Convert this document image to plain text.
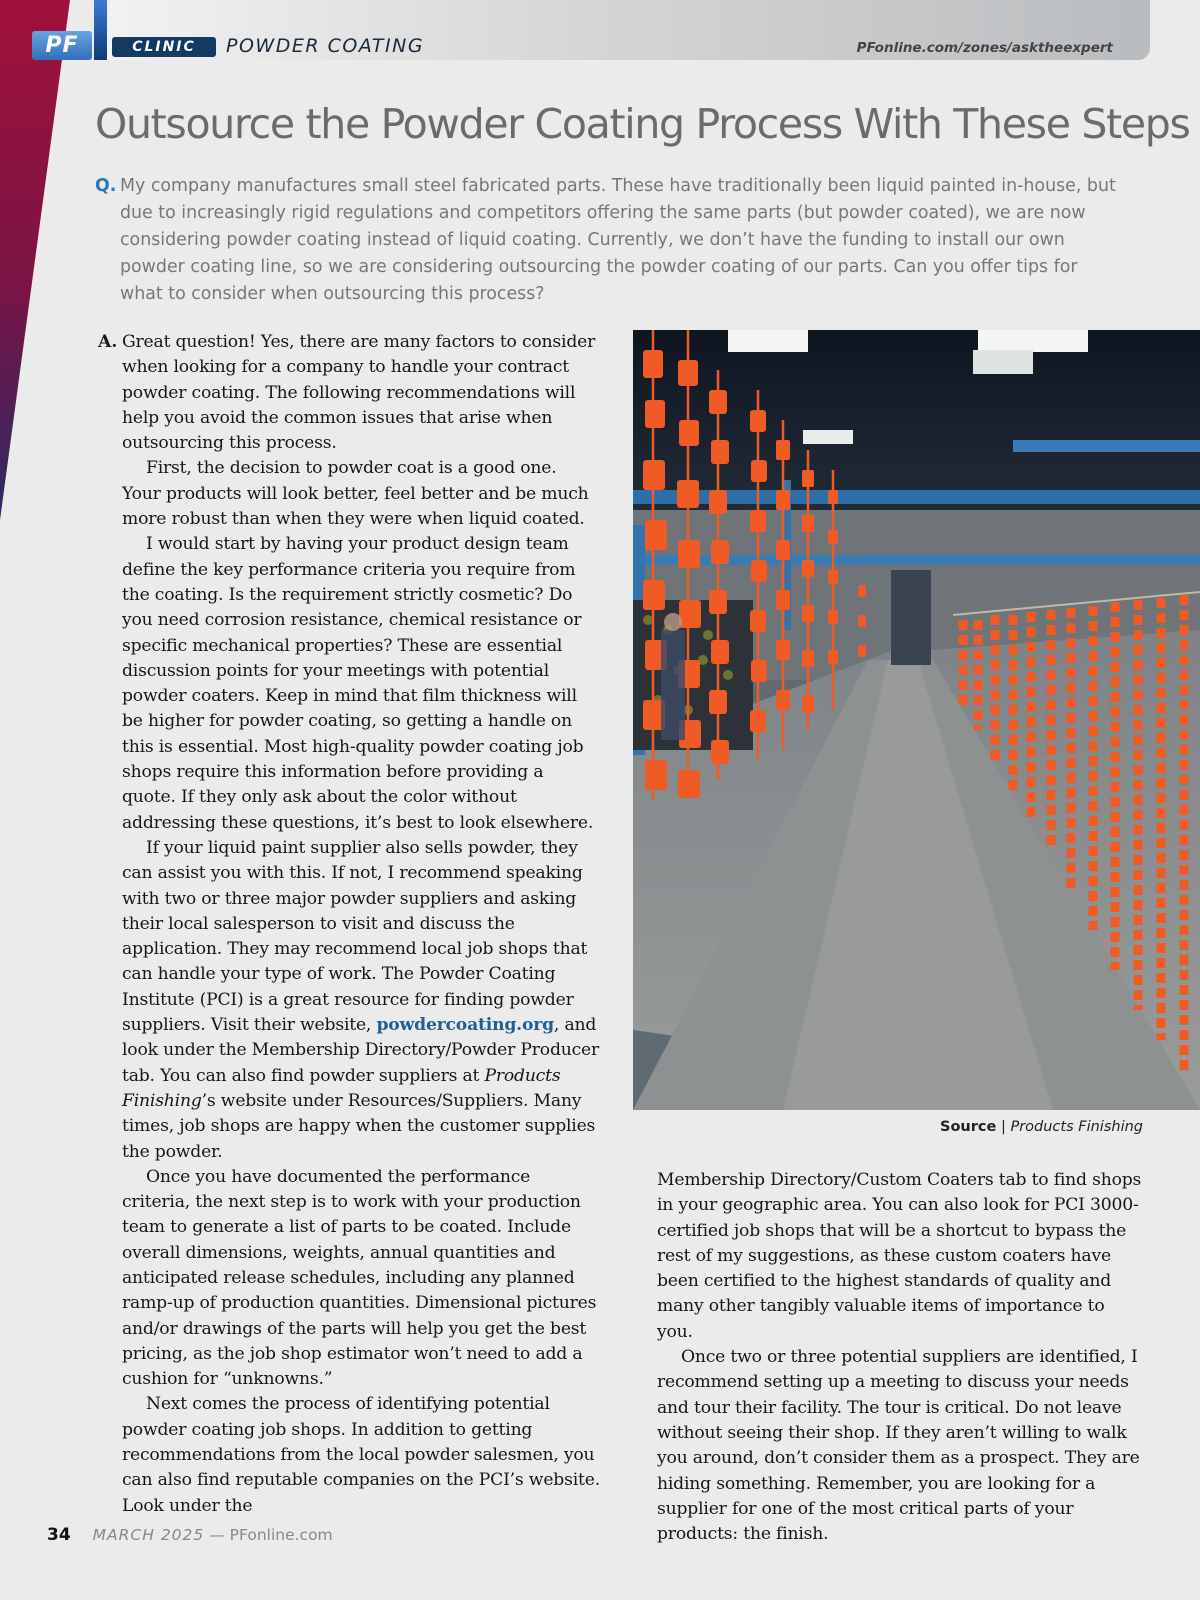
PF	CLINIC	POWDER COATING	PFonline.com/zones/asktheexpert
Outsource the Powder Coating Process With These Steps
Q. My company manufactures small steel fabricated parts. These have traditionally been liquid painted in-house, but due to increasingly rigid regulations and competitors offering the same parts (but powder coated), we are now considering powder coating instead of liquid coating. Currently, we don’t have the funding to install our own powder coating line, so we are considering outsourcing the powder coating of our parts. Can you offer tips for what to consider when outsourcing this process?
A. Great question! Yes, there are many factors to consider when looking for a company to handle your contract powder coating. The following recommendations will help you avoid the common issues that arise when outsourcing this process.

First, the decision to powder coat is a good one. Your products will look better, feel better and be much more robust than when they were when liquid coated.

I would start by having your product design team define the key performance criteria you require from the coating. Is the requirement strictly cosmetic? Do you need corrosion resistance, chemical resistance or specific mechanical properties? These are essential discussion points for your meetings with potential powder coaters. Keep in mind that film thickness will be higher for powder coating, so getting a handle on this is essential. Most high-quality powder coating job shops require this information before providing a quote. If they only ask about the color without addressing these questions, it’s best to look elsewhere.

If your liquid paint supplier also sells powder, they can assist you with this. If not, I recommend speaking with two or three major powder suppliers and asking their local salesperson to visit and discuss the application. They may recommend local job shops that can handle your type of work. The Powder Coating Institute (PCI) is a great resource for finding powder suppliers. Visit their website, powdercoating.org, and look under the Membership Directory/Powder Producer tab. You can also find powder suppliers at Products Finishing’s website under Resources/Suppliers. Many times, job shops are happy when the customer supplies the powder.

Once you have documented the performance criteria, the next step is to work with your production team to generate a list of parts to be coated. Include overall dimensions, weights, annual quantities and anticipated release schedules, including any planned ramp-up of production quantities. Dimensional pictures and/or drawings of the parts will help you get the best pricing, as the job shop estimator won’t need to add a cushion for “unknowns.”

Next comes the process of identifying potential powder coating job shops. In addition to getting recommendations from the local powder salesmen, you can also find reputable companies on the PCI’s website. Look under the

Source | Products Finishing

Membership Directory/Custom Coaters tab to find shops in your geographic area. You can also look for PCI 3000-certified job shops that will be a shortcut to bypass the rest of my suggestions, as these custom coaters have been certified to the highest standards of quality and many other tangibly valuable items of importance to you.

Once two or three potential suppliers are identified, I recommend setting up a meeting to discuss your needs and tour their facility. The tour is critical. Do not leave without seeing their shop. If they aren’t willing to walk you around, don’t consider them as a prospect. They are hiding something. Remember, you are looking for a supplier for one of the most critical parts of your products: the finish.

34 MARCH 2025 — PFonline.com
